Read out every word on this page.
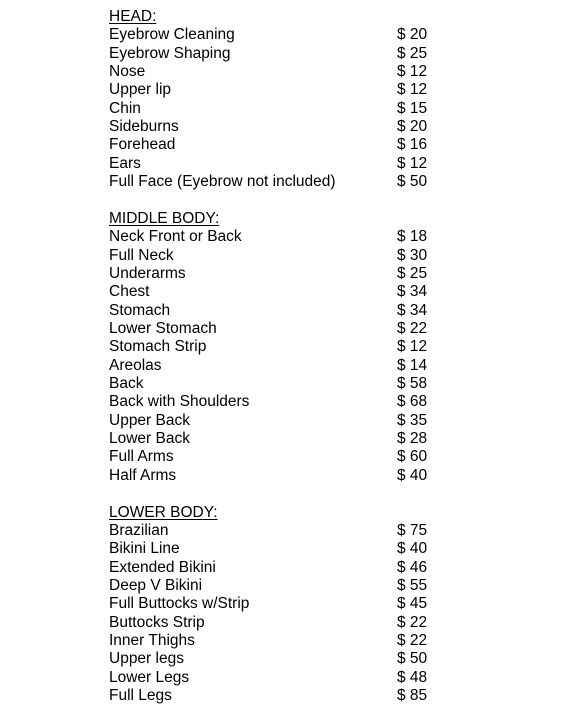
HEAD:
Eyebrow Cleaning	$ 20
Eyebrow Shaping	$ 25
Nose	$ 12
Upper lip	$ 12
Chin	$ 15
Sideburns	$ 20
Forehead	$ 16
Ears	$ 12
Full Face (Eyebrow not included)	$ 50
MIDDLE BODY:
Neck Front or Back	$ 18
Full Neck	$ 30
Underarms	$ 25
Chest	$ 34
Stomach	$ 34
Lower Stomach	$ 22
Stomach Strip	$ 12
Areolas	$ 14
Back	$ 58
Back with Shoulders	$ 68
Upper Back	$ 35
Lower Back	$ 28
Full Arms	$ 60
Half Arms	$ 40
LOWER BODY:
Brazilian	$ 75
Bikini Line	$ 40
Extended Bikini	$ 46
Deep V Bikini	$ 55
Full Buttocks w/Strip	$ 45
Buttocks Strip	$ 22
Inner Thighs	$ 22
Upper legs	$ 50
Lower Legs	$ 48
Full Legs	$ 85
